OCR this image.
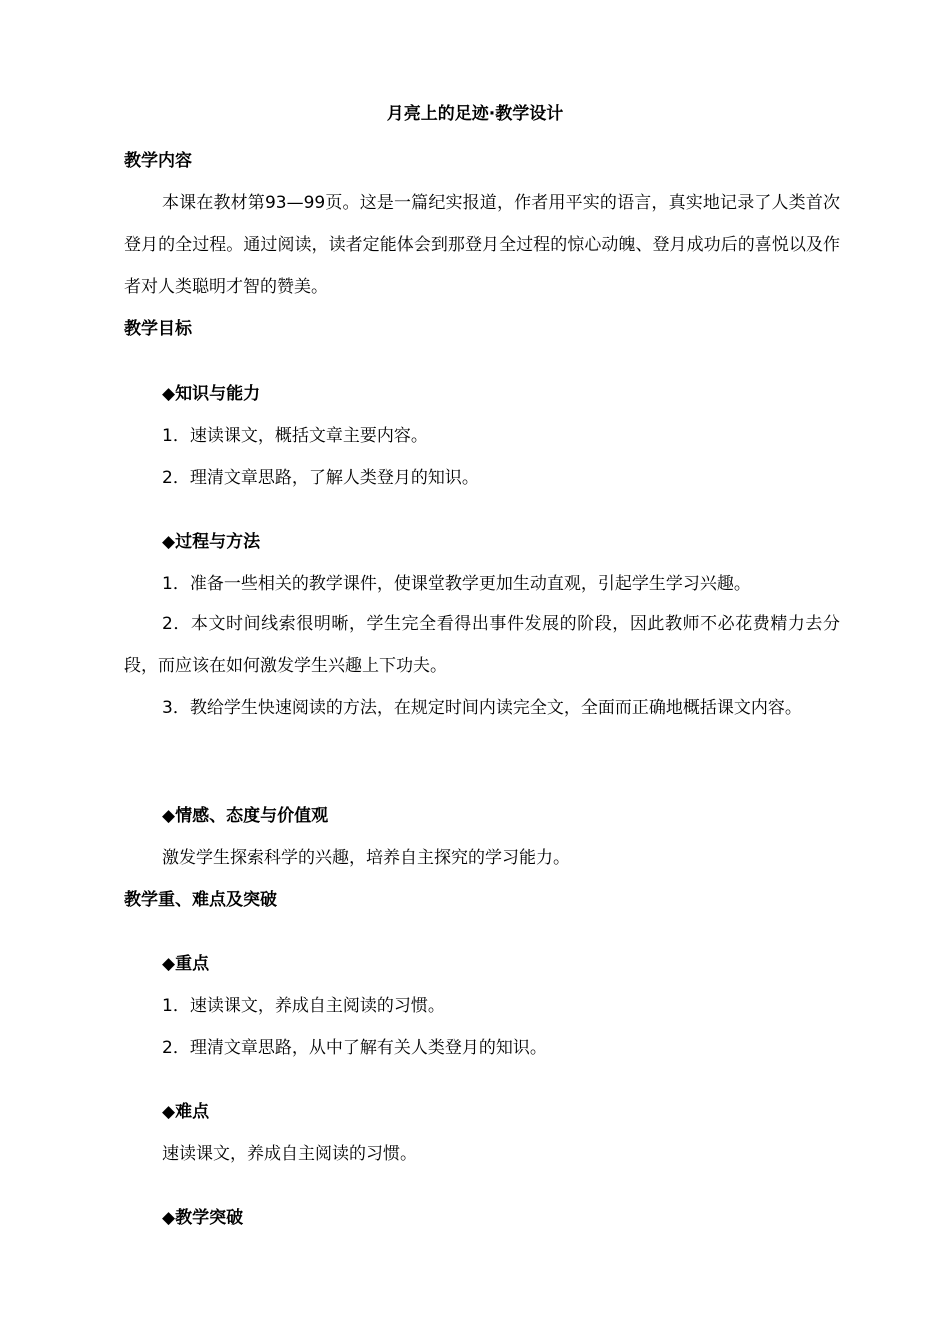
月亮上的足迹·教学设计
教学内容
本课在教材第93—99页。这是一篇纪实报道，作者用平实的语言，真实地记录了人类首次登月的全过程。通过阅读，读者定能体会到那登月全过程的惊心动魄、登月成功后的喜悦以及作者对人类聪明才智的赞美。
教学目标
◆知识与能力
1．速读课文，概括文章主要内容。
2．理清文章思路，了解人类登月的知识。
◆过程与方法
1．准备一些相关的教学课件，使课堂教学更加生动直观，引起学生学习兴趣。
2．本文时间线索很明晰，学生完全看得出事件发展的阶段，因此教师不必花费精力去分段，而应该在如何激发学生兴趣上下功夫。
3．教给学生快速阅读的方法，在规定时间内读完全文，全面而正确地概括课文内容。
◆情感、态度与价值观
激发学生探索科学的兴趣，培养自主探究的学习能力。
教学重、难点及突破
◆重点
1．速读课文，养成自主阅读的习惯。
2．理清文章思路，从中了解有关人类登月的知识。
◆难点
速读课文，养成自主阅读的习惯。
◆教学突破
